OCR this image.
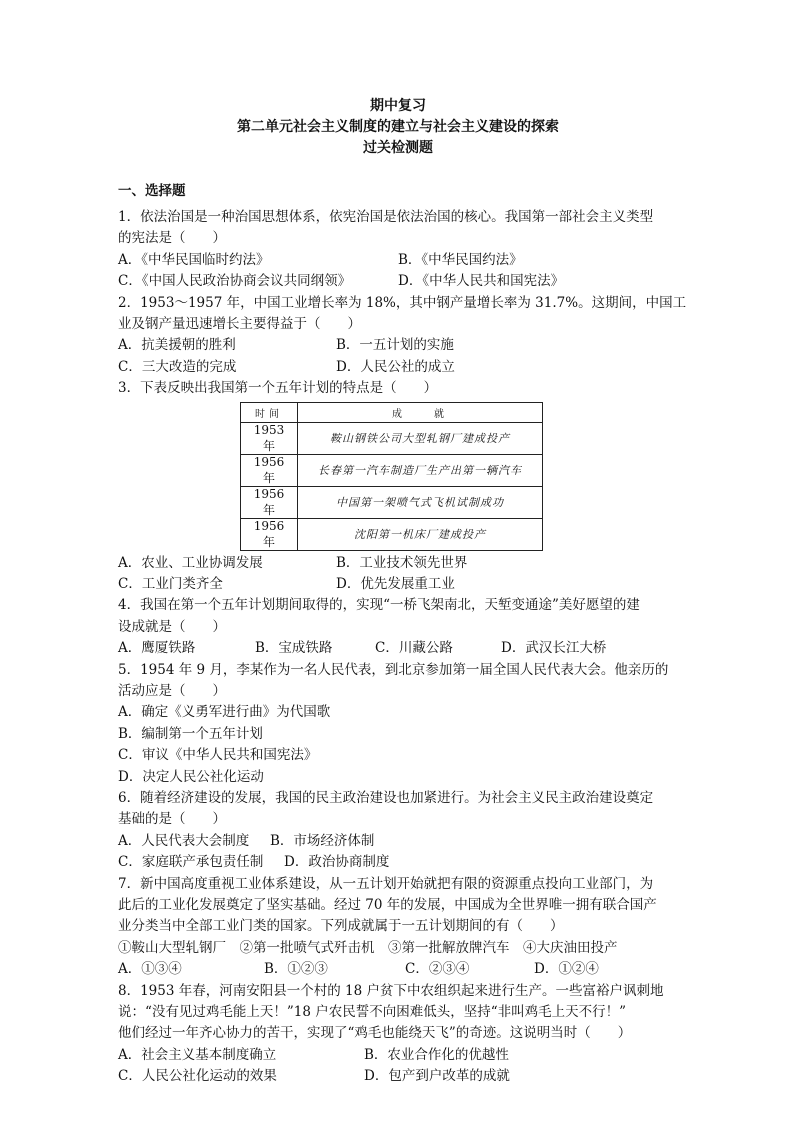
期中复习
第二单元社会主义制度的建立与社会主义建设的探索
过关检测题
一、选择题
1．依法治国是一种治国思想体系，依宪治国是依法治国的核心。我国第一部社会主义类型
的宪法是（　　）
A．《中华民国临时约法》	B．《中华民国约法》
C．《中国人民政治协商会议共同纲领》	D．《中华人民共和国宪法》
2．1953～1957 年，中国工业增长率为 18%，其中钢产量增长率为 31.7%。这期间，中国工
业及钢产量迅速增长主要得益于（　　）
A．抗美援朝的胜利	B．一五计划的实施
C．三大改造的完成	D．人民公社的成立
3．下表反映出我国第一个五年计划的特点是（　　）
时间	成　　就
1953 年	鞍山钢铁公司大型轧钢厂建成投产
1956 年	长春第一汽车制造厂生产出第一辆汽车
1956 年	中国第一架喷气式飞机试制成功
1956 年	沈阳第一机床厂建成投产
A．农业、工业协调发展	B．工业技术领先世界
C．工业门类齐全	D．优先发展重工业
4．我国在第一个五年计划期间取得的，实现“一桥飞架南北，天堑变通途”美好愿望的建
设成就是（　　）
A．鹰厦铁路	B．宝成铁路	C．川藏公路	D．武汉长江大桥
5．1954 年 9 月，李某作为一名人民代表，到北京参加第一届全国人民代表大会。他亲历的
活动应是（　　）
A．确定《义勇军进行曲》为代国歌
B．编制第一个五年计划
C．审议《中华人民共和国宪法》
D．决定人民公社化运动
6．随着经济建设的发展，我国的民主政治建设也加紧进行。为社会主义民主政治建设奠定
基础的是（　　）
A．人民代表大会制度 B．市场经济体制
C．家庭联产承包责任制 D．政治协商制度
7．新中国高度重视工业体系建设，从一五计划开始就把有限的资源重点投向工业部门，为
此后的工业化发展奠定了坚实基础。经过 70 年的发展，中国成为全世界唯一拥有联合国产
业分类当中全部工业门类的国家。下列成就属于一五计划期间的有（　　）
①鞍山大型轧钢厂　②第一批喷气式歼击机　③第一批解放牌汽车　④大庆油田投产
A．①③④	B．①②③	C．②③④	D．①②④
8．1953 年春，河南安阳县一个村的 18 户贫下中农组织起来进行生产。一些富裕户讽刺地
说：“没有见过鸡毛能上天！”18 户农民誓不向困难低头，坚持“非叫鸡毛上天不行！”
他们经过一年齐心协力的苦干，实现了“鸡毛也能绕天飞”的奇迹。这说明当时（　　）
A．社会主义基本制度确立	B．农业合作化的优越性
C．人民公社化运动的效果	D．包产到户改革的成就
